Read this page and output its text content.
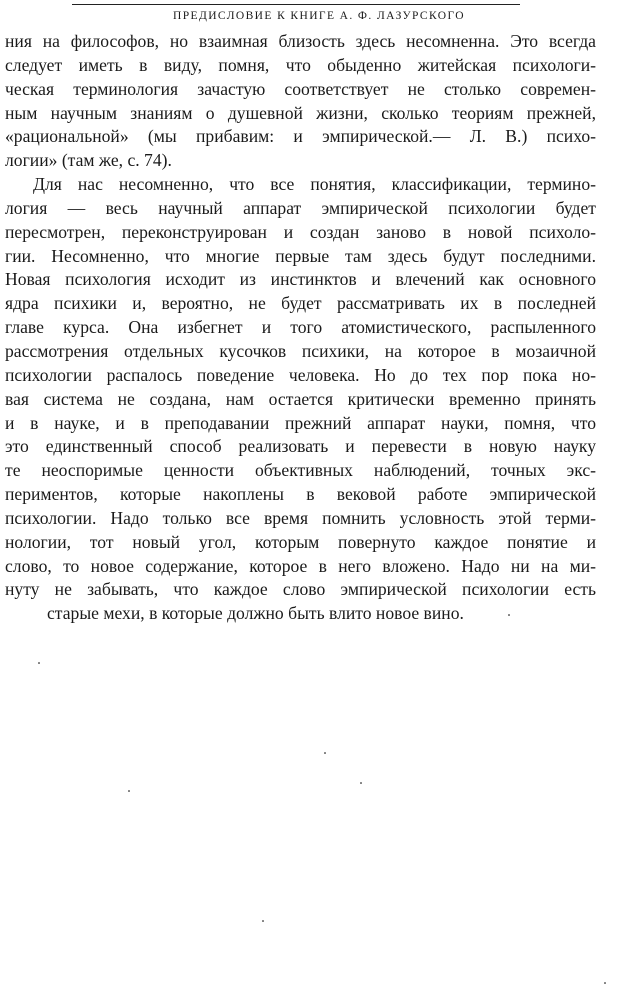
ПРЕДИСЛОВИЕ К КНИГЕ А. Ф. ЛАЗУРСКОГО
ния на философов, но взаимная близость здесь несомненна. Это всегда
следует иметь в виду, помня, что обыденно житейская психологи-
ческая терминология зачастую соответствует не столько современ-
ным научным знаниям о душевной жизни, сколько теориям прежней,
«рациональной» (мы прибавим: и эмпирической.— Л. В.) психо-
логии» (там же, с. 74).
Для нас несомненно, что все понятия, классификации, термино-
логия — весь научный аппарат эмпирической психологии будет
пересмотрен, переконструирован и создан заново в новой психоло-
гии. Несомненно, что многие первые там здесь будут последними.
Новая психология исходит из инстинктов и влечений как основного
ядра психики и, вероятно, не будет рассматривать их в последней
главе курса. Она избегнет и того атомистического, распыленного
рассмотрения отдельных кусочков психики, на которое в мозаичной
психологии распалось поведение человека. Но до тех пор пока но-
вая система не создана, нам остается критически временно принять
и в науке, и в преподавании прежний аппарат науки, помня, что
это единственный способ реализовать и перевести в новую науку
те неоспоримые ценности объективных наблюдений, точных экс-
периментов, которые накоплены в вековой работе эмпирической
психологии. Надо только все время помнить условность этой терми-
нологии, тот новый угол, которым повернуто каждое понятие и
слово, то новое содержание, которое в него вложено. Надо ни на ми-
нуту не забывать, что каждое слово эмпирической психологии есть
старые мехи, в которые должно быть влито новое вино.
